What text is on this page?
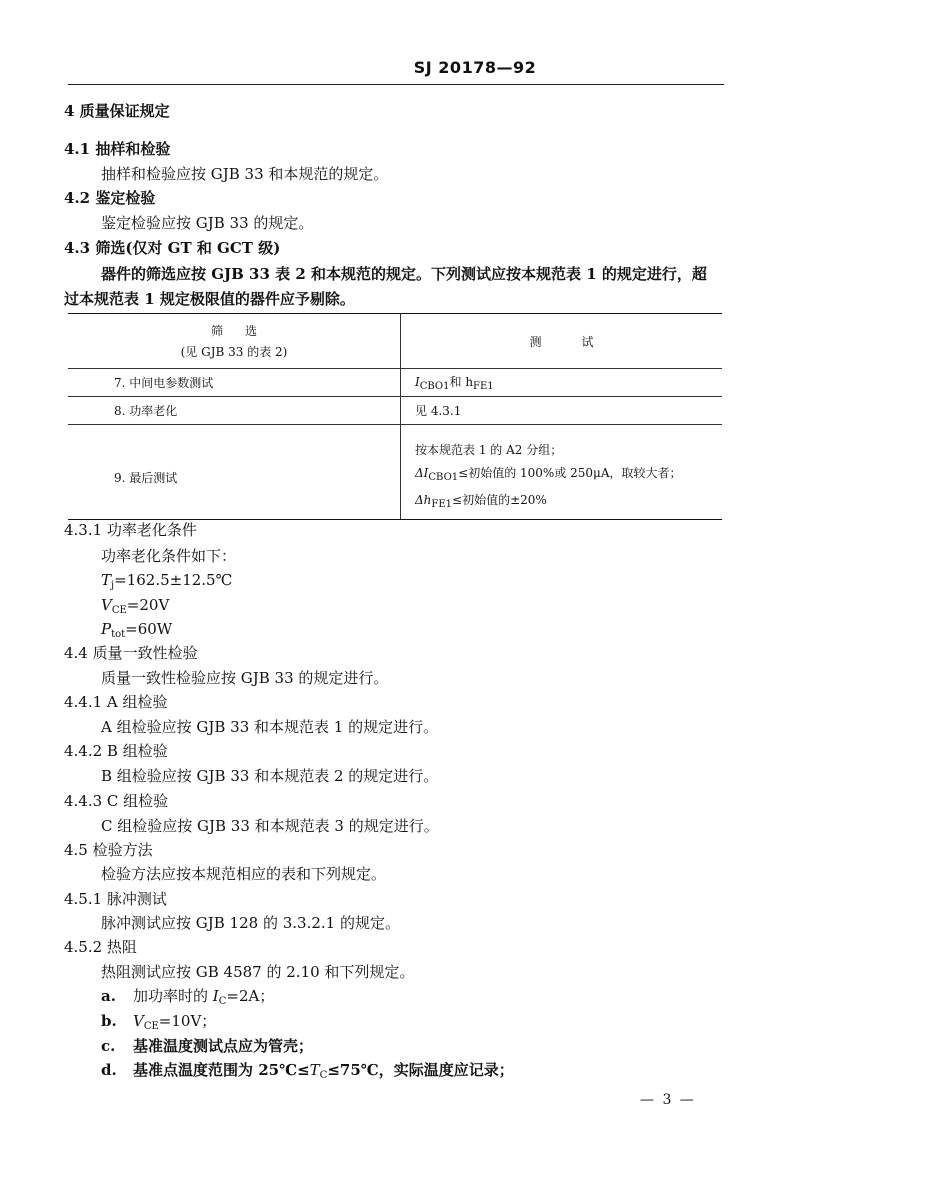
SJ 20178—92
4 质量保证规定
4.1 抽样和检验
抽样和检验应按 GJB 33 和本规范的规定。
4.2 鉴定检验
鉴定检验应按 GJB 33 的规定。
4.3 筛选(仅对 GT 和 GCT 级)
器件的筛选应按 GJB 33 表 2 和本规范的规定。下列测试应按本规范表 1 的规定进行，超
过本规范表 1 规定极限值的器件应予剔除。
筛选
(见 GJB 33 的表 2)	测试
7. 中间电参数测试	$I_{CBO1}$和 $h_{FE1}$
8. 功率老化	见 4.3.1
9. 最后测试	按本规范表 1 的 A2 分组；
$\Delta I_{CBO1}\le$初始值的 100%或 250μA，取较大者；
$\Delta h_{FE1}\le$初始值的±20%
4.3.1 功率老化条件
功率老化条件如下：
$T_j=162.5\pm 12.5℃$
$V_{CE}=20V$
$P_{tot}=60W$
4.4 质量一致性检验
质量一致性检验应按 GJB 33 的规定进行。
4.4.1 A 组检验
A 组检验应按 GJB 33 和本规范表 1 的规定进行。
4.4.2 B 组检验
B 组检验应按 GJB 33 和本规范表 2 的规定进行。
4.4.3 C 组检验
C 组检验应按 GJB 33 和本规范表 3 的规定进行。
4.5 检验方法
检验方法应按本规范相应的表和下列规定。
4.5.1 脉冲测试
脉冲测试应按 GJB 128 的 3.3.2.1 的规定。
4.5.2 热阻
热阻测试应按 GB 4587 的 2.10 和下列规定。
a. 加功率时的 $I_C=2A$；
b. $V_{CE}=10V$；
c. 基准温度测试点应为管壳；
d. 基准点温度范围为 $25℃\le T_C\le 75℃$，实际温度应记录；
— 3 —
